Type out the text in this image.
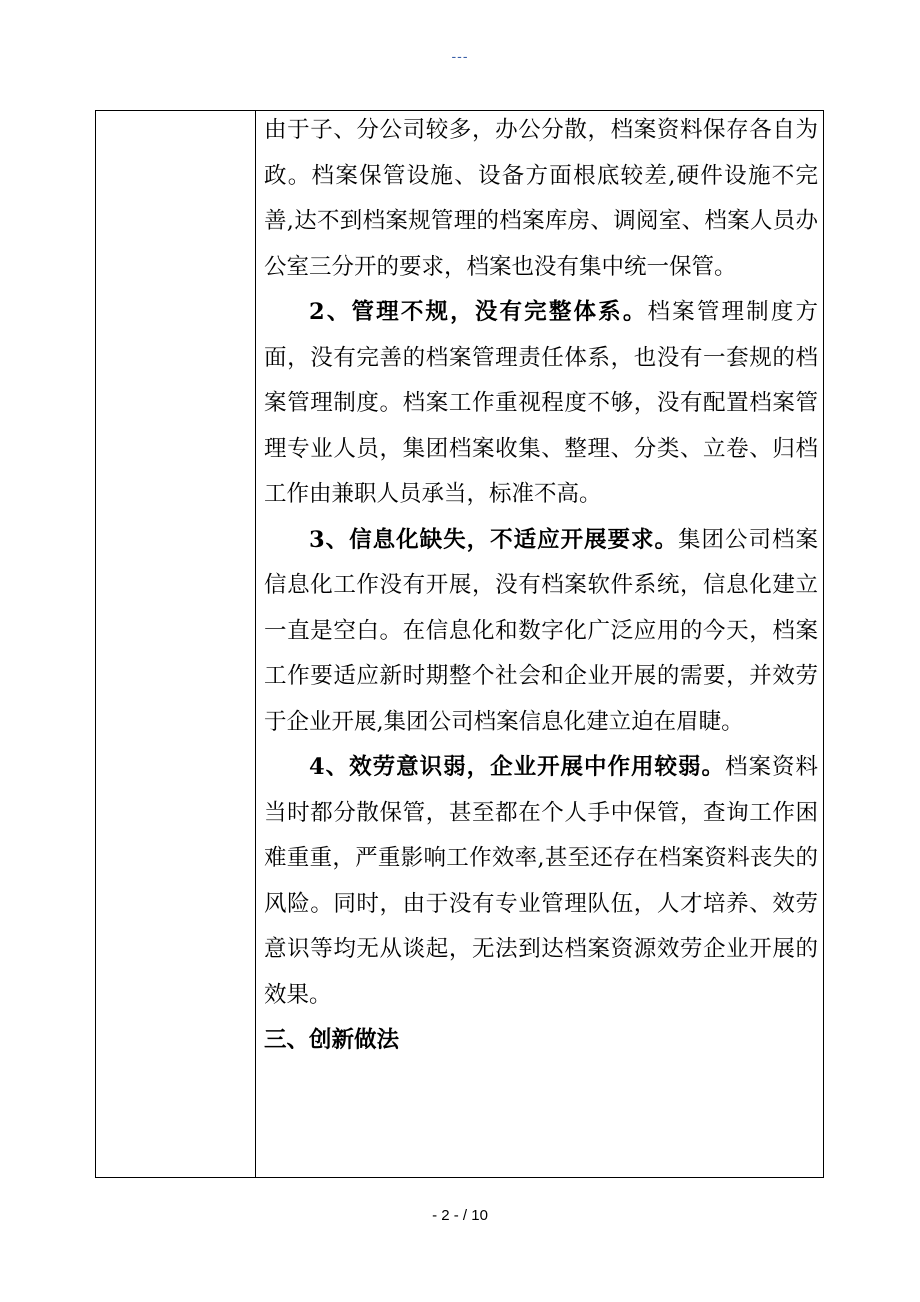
---

由于子、分公司较多，办公分散，档案资料保存各自为政。档案保管设施、设备方面根底较差,硬件设施不完善,达不到档案规管理的档案库房、调阅室、档案人员办公室三分开的要求，档案也没有集中统一保管。

2、管理不规，没有完整体系。档案管理制度方面，没有完善的档案管理责任体系，也没有一套规的档案管理制度。档案工作重视程度不够，没有配置档案管理专业人员，集团档案收集、整理、分类、立卷、归档工作由兼职人员承当，标准不高。

3、信息化缺失，不适应开展要求。集团公司档案信息化工作没有开展，没有档案软件系统，信息化建立一直是空白。在信息化和数字化广泛应用的今天，档案工作要适应新时期整个社会和企业开展的需要，并效劳于企业开展,集团公司档案信息化建立迫在眉睫。

4、效劳意识弱，企业开展中作用较弱。档案资料当时都分散保管，甚至都在个人手中保管，查询工作困难重重，严重影响工作效率,甚至还存在档案资料丧失的风险。同时，由于没有专业管理队伍，人才培养、效劳意识等均无从谈起，无法到达档案资源效劳企业开展的效果。

三、创新做法

- 2 - / 10
